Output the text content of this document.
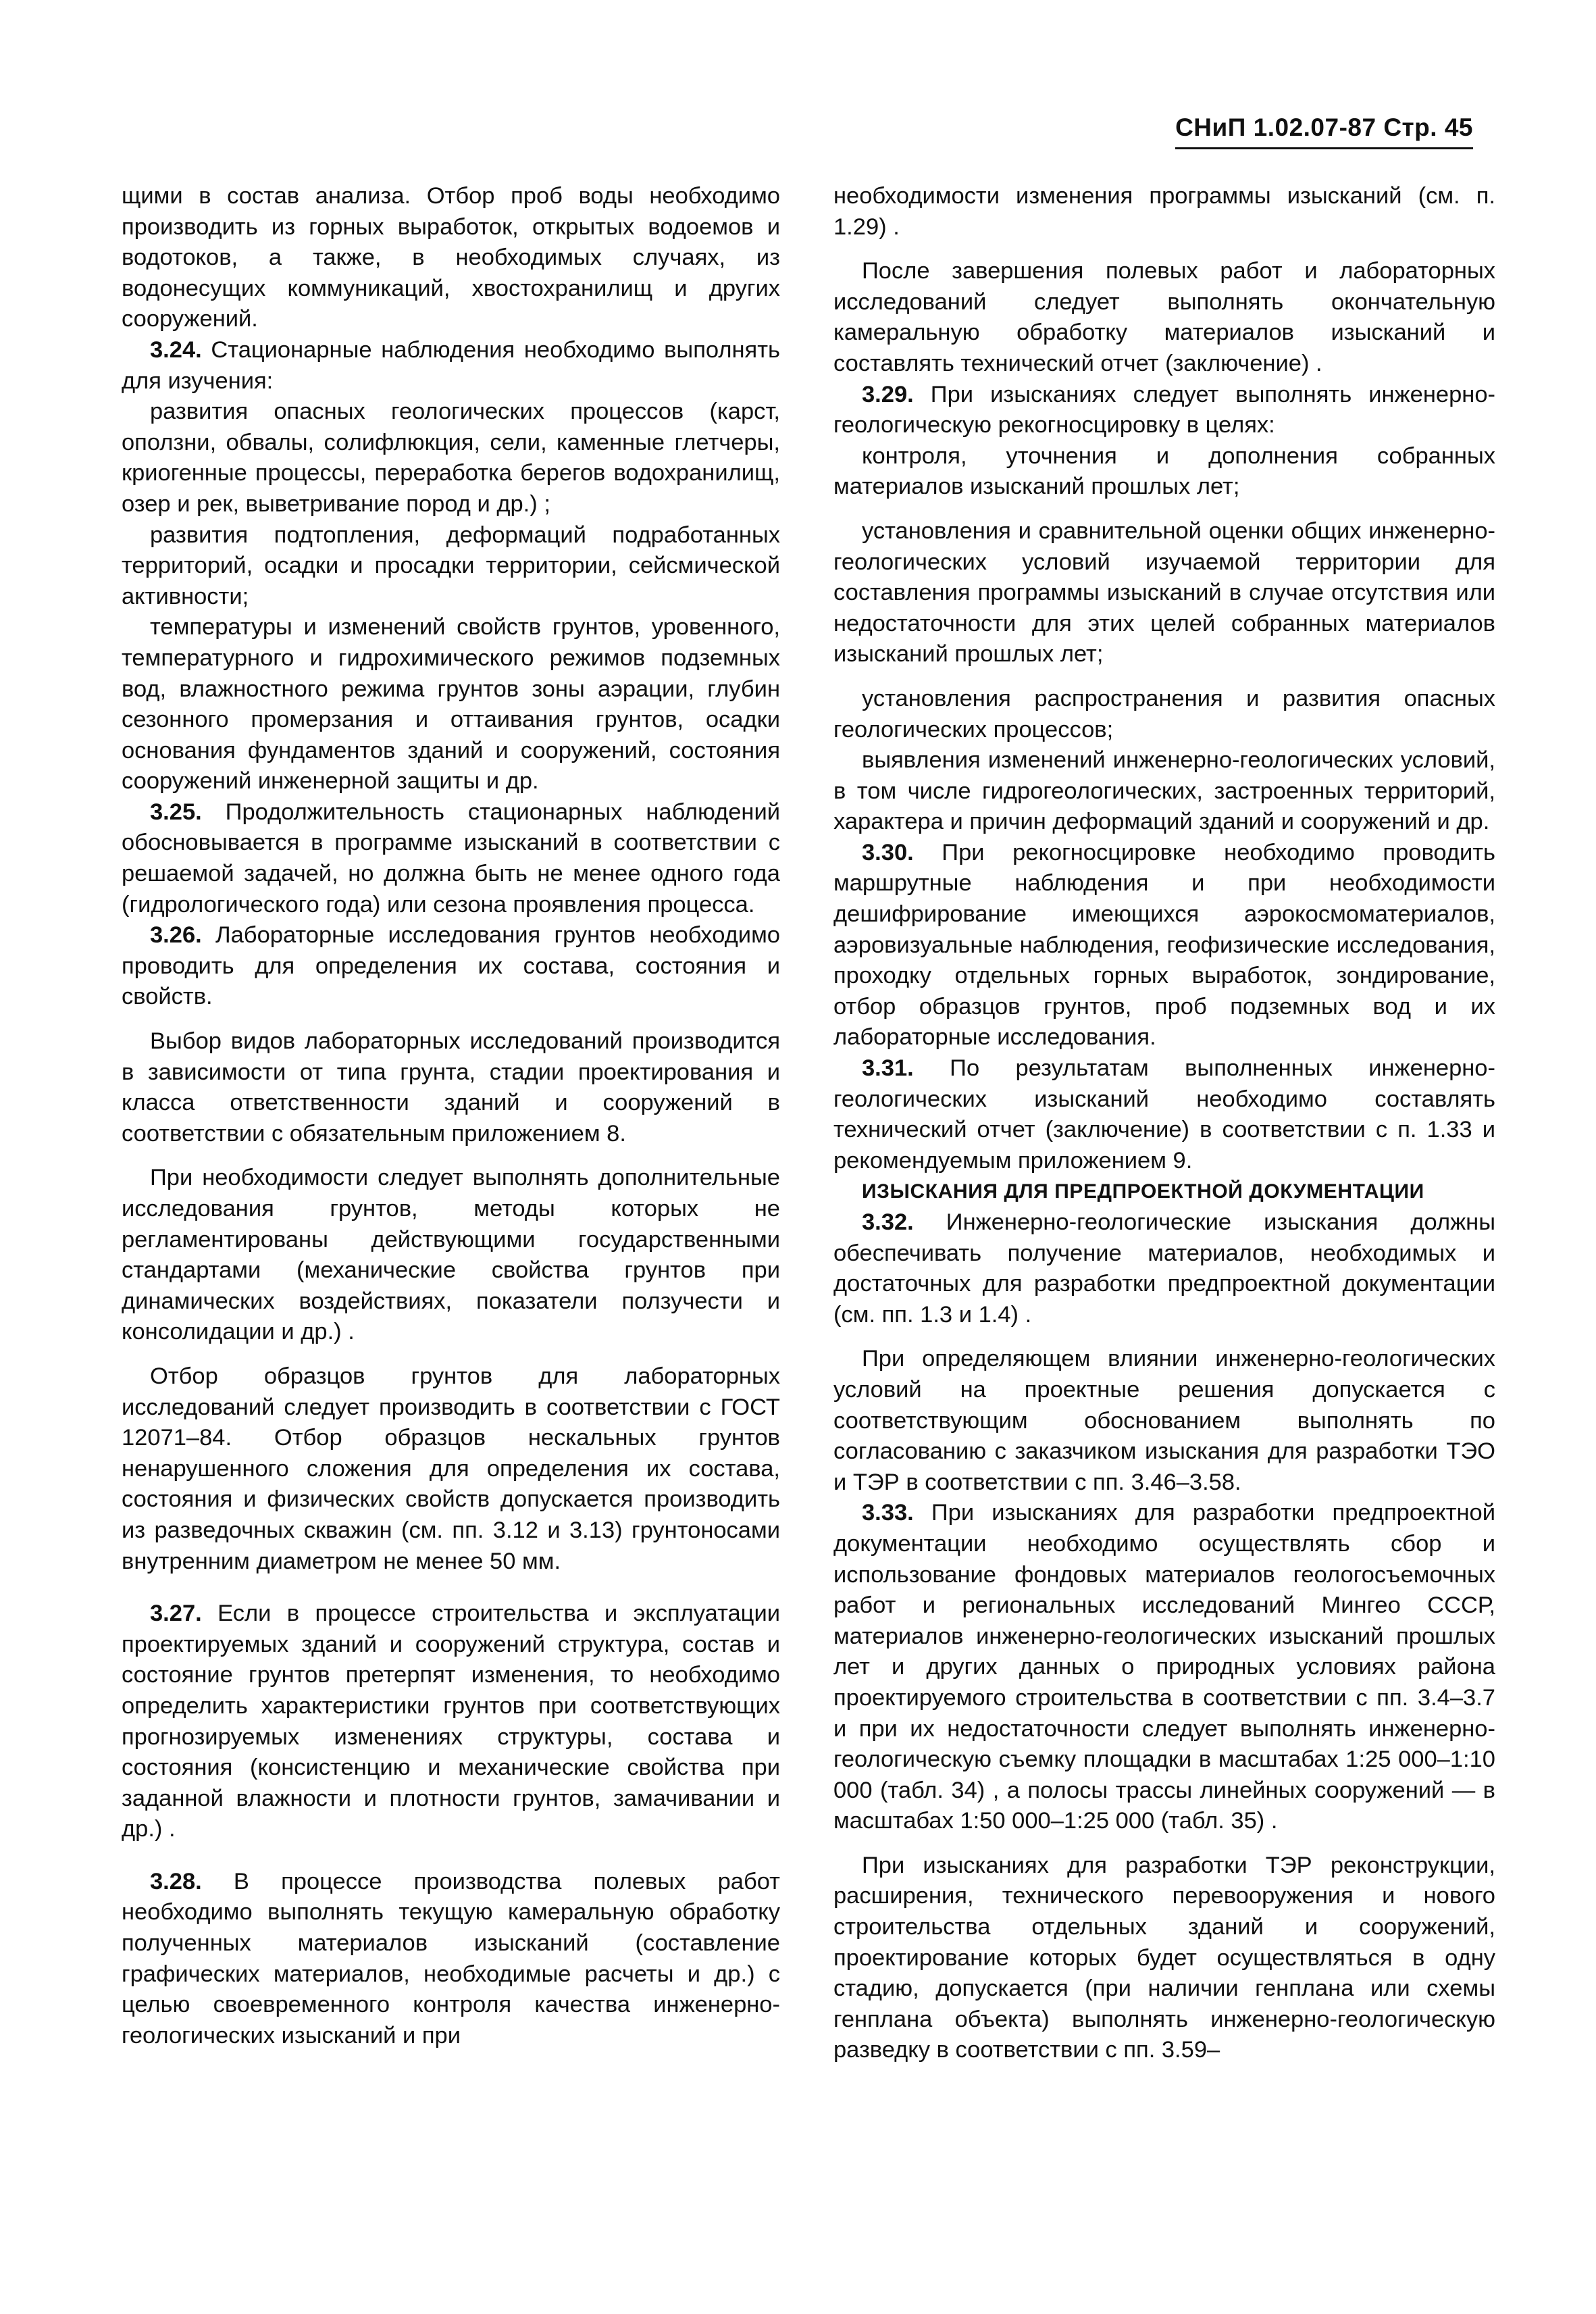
СНиП 1.02.07-87 Стр. 45

щими в состав анализа. Отбор проб воды необходимо производить из горных выработок, открытых водоемов и водотоков, а также, в необходимых случаях, из водонесущих коммуникаций, хвостохранилищ и других сооружений.

3.24. Стационарные наблюдения необходимо выполнять для изучения:

развития опасных геологических процессов (карст, оползни, обвалы, солифлюкция, сели, каменные глетчеры, криогенные процессы, переработка берегов водохранилищ, озер и рек, выветривание пород и др.) ;

развития подтопления, деформаций подработанных территорий, осадки и просадки территории, сейсмической активности;

температуры и изменений свойств грунтов, уровенного, температурного и гидрохимического режимов подземных вод, влажностного режима грунтов зоны аэрации, глубин сезонного промерзания и оттаивания грунтов, осадки основания фундаментов зданий и сооружений, состояния сооружений инженерной защиты и др.

3.25. Продолжительность стационарных наблюдений обосновывается в программе изысканий в соответствии с решаемой задачей, но должна быть не менее одного года (гидрологического года) или сезона проявления процесса.

3.26. Лабораторные исследования грунтов необходимо проводить для определения их состава, состояния и свойств.

Выбор видов лабораторных исследований производится в зависимости от типа грунта, стадии проектирования и класса ответственности зданий и сооружений в соответствии с обязательным приложением 8.

При необходимости следует выполнять дополнительные исследования грунтов, методы которых не регламентированы действующими государственными стандартами (механические свойства грунтов при динамических воздействиях, показатели ползучести и консолидации и др.) .

Отбор образцов грунтов для лабораторных исследований следует производить в соответствии с ГОСТ 12071–84. Отбор образцов нескальных грунтов ненарушенного сложения для определения их состава, состояния и физических свойств допускается производить из разведочных скважин (см. пп. 3.12 и 3.13) грунтоносами внутренним диаметром не менее 50 мм.

3.27. Если в процессе строительства и эксплуатации проектируемых зданий и сооружений структура, состав и состояние грунтов претерпят изменения, то необходимо определить характеристики грунтов при соответствующих прогнозируемых изменениях структуры, состава и состояния (консистенцию и механические свойства при заданной влажности и плотности грунтов, замачивании и др.) .

3.28. В процессе производства полевых работ необходимо выполнять текущую камеральную обработку полученных материалов изысканий (составление графических материалов, необходимые расчеты и др.) с целью своевременного контроля качества инженерно-геологических изысканий и при

необходимости изменения программы изысканий (см. п. 1.29) .

После завершения полевых работ и лабораторных исследований следует выполнять окончательную камеральную обработку материалов изысканий и составлять технический отчет (заключение) .

3.29. При изысканиях следует выполнять инженерно-геологическую рекогносцировку в целях:

контроля, уточнения и дополнения собранных материалов изысканий прошлых лет;

установления и сравнительной оценки общих инженерно-геологических условий изучаемой территории для составления программы изысканий в случае отсутствия или недостаточности для этих целей собранных материалов изысканий прошлых лет;

установления распространения и развития опасных геологических процессов;

выявления изменений инженерно-геологических условий, в том числе гидрогеологических, застроенных территорий, характера и причин деформаций зданий и сооружений и др.

3.30. При рекогносцировке необходимо проводить маршрутные наблюдения и при необходимости дешифрирование имеющихся аэрокосмоматериалов, аэровизуальные наблюдения, геофизические исследования, проходку отдельных горных выработок, зондирование, отбор образцов грунтов, проб подземных вод и их лабораторные исследования.

3.31. По результатам выполненных инженерно-геологических изысканий необходимо составлять технический отчет (заключение) в соответствии с п. 1.33 и рекомендуемым приложением 9.

ИЗЫСКАНИЯ ДЛЯ ПРЕДПРОЕКТНОЙ ДОКУМЕНТАЦИИ

3.32. Инженерно-геологические изыскания должны обеспечивать получение материалов, необходимых и достаточных для разработки предпроектной документации (см. пп. 1.3 и 1.4) .

При определяющем влиянии инженерно-геологических условий на проектные решения допускается с соответствующим обоснованием выполнять по согласованию с заказчиком изыскания для разработки ТЭО и ТЭР в соответствии с пп. 3.46–3.58.

3.33. При изысканиях для разработки предпроектной документации необходимо осуществлять сбор и использование фондовых материалов геологосъемочных работ и региональных исследований Мингео СССР, материалов инженерно-геологических изысканий прошлых лет и других данных о природных условиях района проектируемого строительства в соответствии с пп. 3.4–3.7 и при их недостаточности следует выполнять инженерно-геологическую съемку площадки в масштабах 1:25 000–1:10 000 (табл. 34) , а полосы трассы линейных сооружений — в масштабах 1:50 000–1:25 000 (табл. 35) .

При изысканиях для разработки ТЭР реконструкции, расширения, технического перевооружения и нового строительства отдельных зданий и сооружений, проектирование которых будет осуществляться в одну стадию, допускается (при наличии генплана или схемы генплана объекта) выполнять инженерно-геологическую разведку в соответствии с пп. 3.59–
